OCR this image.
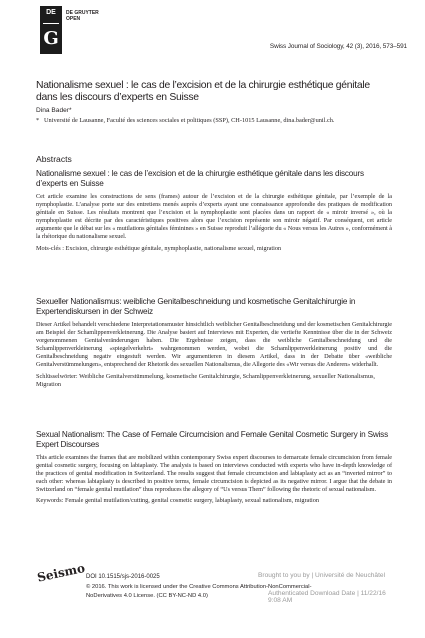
DE
G
DE GRUYTER
OPEN
Swiss Journal of Sociology, 42 (3), 2016, 573–591
Nationalisme sexuel : le cas de l’excision et de la chirurgie esthétique génitale dans les discours d’experts en Suisse
Dina Bader*
* Université de Lausanne, Faculté des sciences sociales et politiques (SSP), CH-1015 Lausanne, dina.bader@unil.ch.
Abstracts
Nationalisme sexuel : le cas de l’excision et de la chirurgie esthétique génitale dans les discours d’experts en Suisse

Cet article examine les constructions de sens (frames) autour de l’excision et de la chirurgie esthétique génitale, par l’exemple de la nymphoplastie. L’analyse porte sur des entretiens menés auprès d’experts ayant une connaissance approfondie des pratiques de modification génitale en Suisse. Les résultats montrent que l’excision et la nymphoplastie sont placées dans un rapport de « miroir inversé », où la nymphoplastie est décrite par des caractéristiques positives alors que l’excision représente son miroir négatif. Par conséquent, cet article argumente que le débat sur les « mutilations génitales féminines » en Suisse reproduit l’allégorie du « Nous versus les Autres », conformément à la rhétorique du nationalisme sexuel.

Mots-clés : Excision, chirurgie esthétique génitale, nymphoplastie, nationalisme sexuel, migration

Sexueller Nationalismus: weibliche Genitalbeschneidung und kosmetische Genitalchirurgie in Expertendiskursen in der Schweiz

Dieser Artikel behandelt verschiedene Interpretationsmuster hinsichtlich weiblicher Genitalbeschneidung und der kosmetischen Genitalchirurgie am Beispiel der Schamlippenverkleinerung. Die Analyse basiert auf Interviews mit Experten, die vertiefte Kenntnisse über die in der Schweiz vorgenommenen Genitalveränderungen haben. Die Ergebnisse zeigen, dass die weibliche Genitalbeschneidung und die Schamlippenverkleinerung «spiegelverkehrt» wahrgenommen werden, wobei die Schamlippenverkleinerung positiv und die Genitalbeschneidung negativ eingestuft werden. Wir argumentieren in diesem Artikel, dass in der Debatte über «weibliche Genitalverstümmelungen», entsprechend der Rhetorik des sexuellen Nationalismus, die Allegorie des «Wir versus die Anderen» widerhallt.

Schlüsselwörter: Weibliche Genitalverstümmelung, kosmetische Genitalchirurgie, Schamlippenverkleinerung, sexueller Nationalismus, Migration

Sexual Nationalism: The Case of Female Circumcision and Female Genital Cosmetic Surgery in Swiss Expert Discourses

This article examines the frames that are mobilized within contemporary Swiss expert discourses to demarcate female circumcision from female genital cosmetic surgery, focusing on labiaplasty. The analysis is based on interviews conducted with experts who have in-depth knowledge of the practices of genital modification in Switzerland. The results suggest that female circumcision and labiaplasty act as an “inverted mirror” to each other: whereas labiaplasty is described in positive terms, female circumcision is depicted as its negative mirror. I argue that the debate in Switzerland on “female genital mutilation” thus reproduces the allegory of “Us versus Them” following the rhetoric of sexual nationalism.

Keywords: Female genital mutilation/cutting, genital cosmetic surgery, labiaplasty, sexual nationalism, migration

Seismo DOI 10.1515/sjs-2016-0025
© 2016. This work is licensed under the Creative Commons Attribution-NonCommercial-
NoDerivatives 4.0 License. (CC BY-NC-ND 4.0)
Brought to you by | Université de Neuchâtel
Authenticated Download Date | 11/22/16 9:08 AM
